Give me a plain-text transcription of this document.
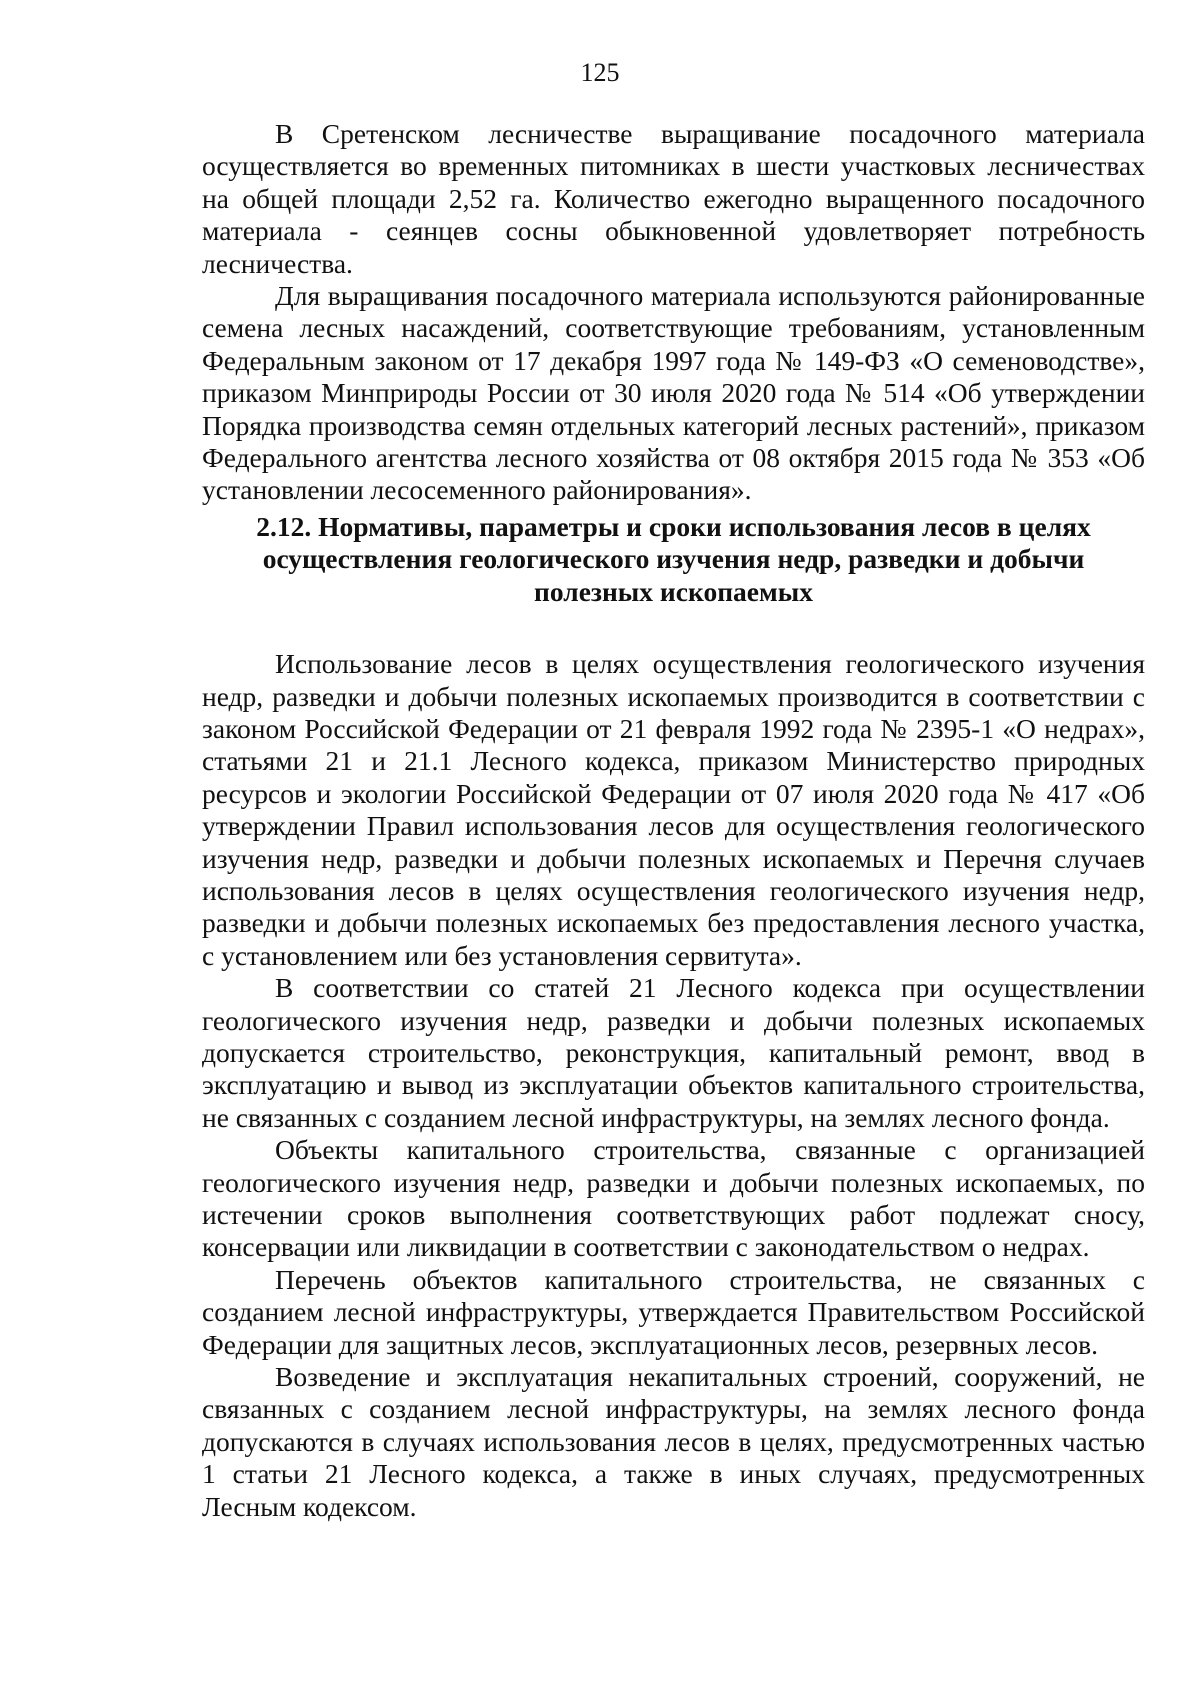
125

В Сретенском лесничестве выращивание посадочного материала осуществляется во временных питомниках в шести участковых лесничествах на общей площади 2,52 га. Количество ежегодно выращенного посадочного материала - сеянцев сосны обыкновенной удовлетворяет потребность лесничества.

Для выращивания посадочного материала используются районированные семена лесных насаждений, соответствующие требованиям, установленным Федеральным законом от 17 декабря 1997 года № 149-ФЗ «О семеноводстве», приказом Минприроды России от 30 июля 2020 года № 514 «Об утверждении Порядка производства семян отдельных категорий лесных растений», приказом Федерального агентства лесного хозяйства от 08 октября 2015 года № 353 «Об установлении лесосеменного районирования».

2.12. Нормативы, параметры и сроки использования лесов в целях осуществления геологического изучения недр, разведки и добычи полезных ископаемых

Использование лесов в целях осуществления геологического изучения недр, разведки и добычи полезных ископаемых производится в соответствии с законом Российской Федерации от 21 февраля 1992 года № 2395-1 «О недрах», статьями 21 и 21.1 Лесного кодекса, приказом Министерство природных ресурсов и экологии Российской Федерации от 07 июля 2020 года № 417 «Об утверждении Правил использования лесов для осуществления геологического изучения недр, разведки и добычи полезных ископаемых и Перечня случаев использования лесов в целях осуществления геологического изучения недр, разведки и добычи полезных ископаемых без предоставления лесного участка, с установлением или без установления сервитута».

В соответствии со статей 21 Лесного кодекса при осуществлении геологического изучения недр, разведки и добычи полезных ископаемых допускается строительство, реконструкция, капитальный ремонт, ввод в эксплуатацию и вывод из эксплуатации объектов капитального строительства, не связанных с созданием лесной инфраструктуры, на землях лесного фонда.

Объекты капитального строительства, связанные с организацией геологического изучения недр, разведки и добычи полезных ископаемых, по истечении сроков выполнения соответствующих работ подлежат сносу, консервации или ликвидации в соответствии с законодательством о недрах.

Перечень объектов капитального строительства, не связанных с созданием лесной инфраструктуры, утверждается Правительством Российской Федерации для защитных лесов, эксплуатационных лесов, резервных лесов.

Возведение и эксплуатация некапитальных строений, сооружений, не связанных с созданием лесной инфраструктуры, на землях лесного фонда допускаются в случаях использования лесов в целях, предусмотренных частью 1 статьи 21 Лесного кодекса, а также в иных случаях, предусмотренных Лесным кодексом.
